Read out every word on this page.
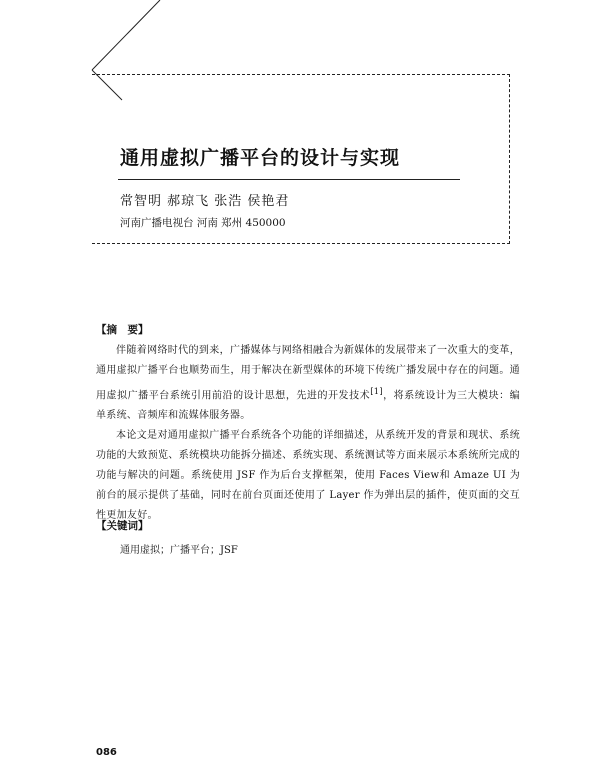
通用虚拟广播平台的设计与实现
常智明 郝琼飞 张浩 侯艳君
河南广播电视台 河南 郑州 450000
【摘　要】

伴随着网络时代的到来，广播媒体与网络相融合为新媒体的发展带来了一次重大的变革，通用虚拟广播平台也顺势而生，用于解决在新型媒体的环境下传统广播发展中存在的问题。通用虚拟广播平台系统引用前沿的设计思想，先进的开发技术[1]，将系统设计为三大模块：编单系统、音频库和流媒体服务器。

本论文是对通用虚拟广播平台系统各个功能的详细描述，从系统开发的背景和现状、系统功能的大致预览、系统模块功能拆分描述、系统实现、系统测试等方面来展示本系统所完成的功能与解决的问题。系统使用 JSF 作为后台支撑框架，使用 Faces View和 Amaze UI 为前台的展示提供了基础，同时在前台页面还使用了 Layer 作为弹出层的插件，使页面的交互性更加友好。

【关键词】
通用虚拟；广播平台；JSF
086
